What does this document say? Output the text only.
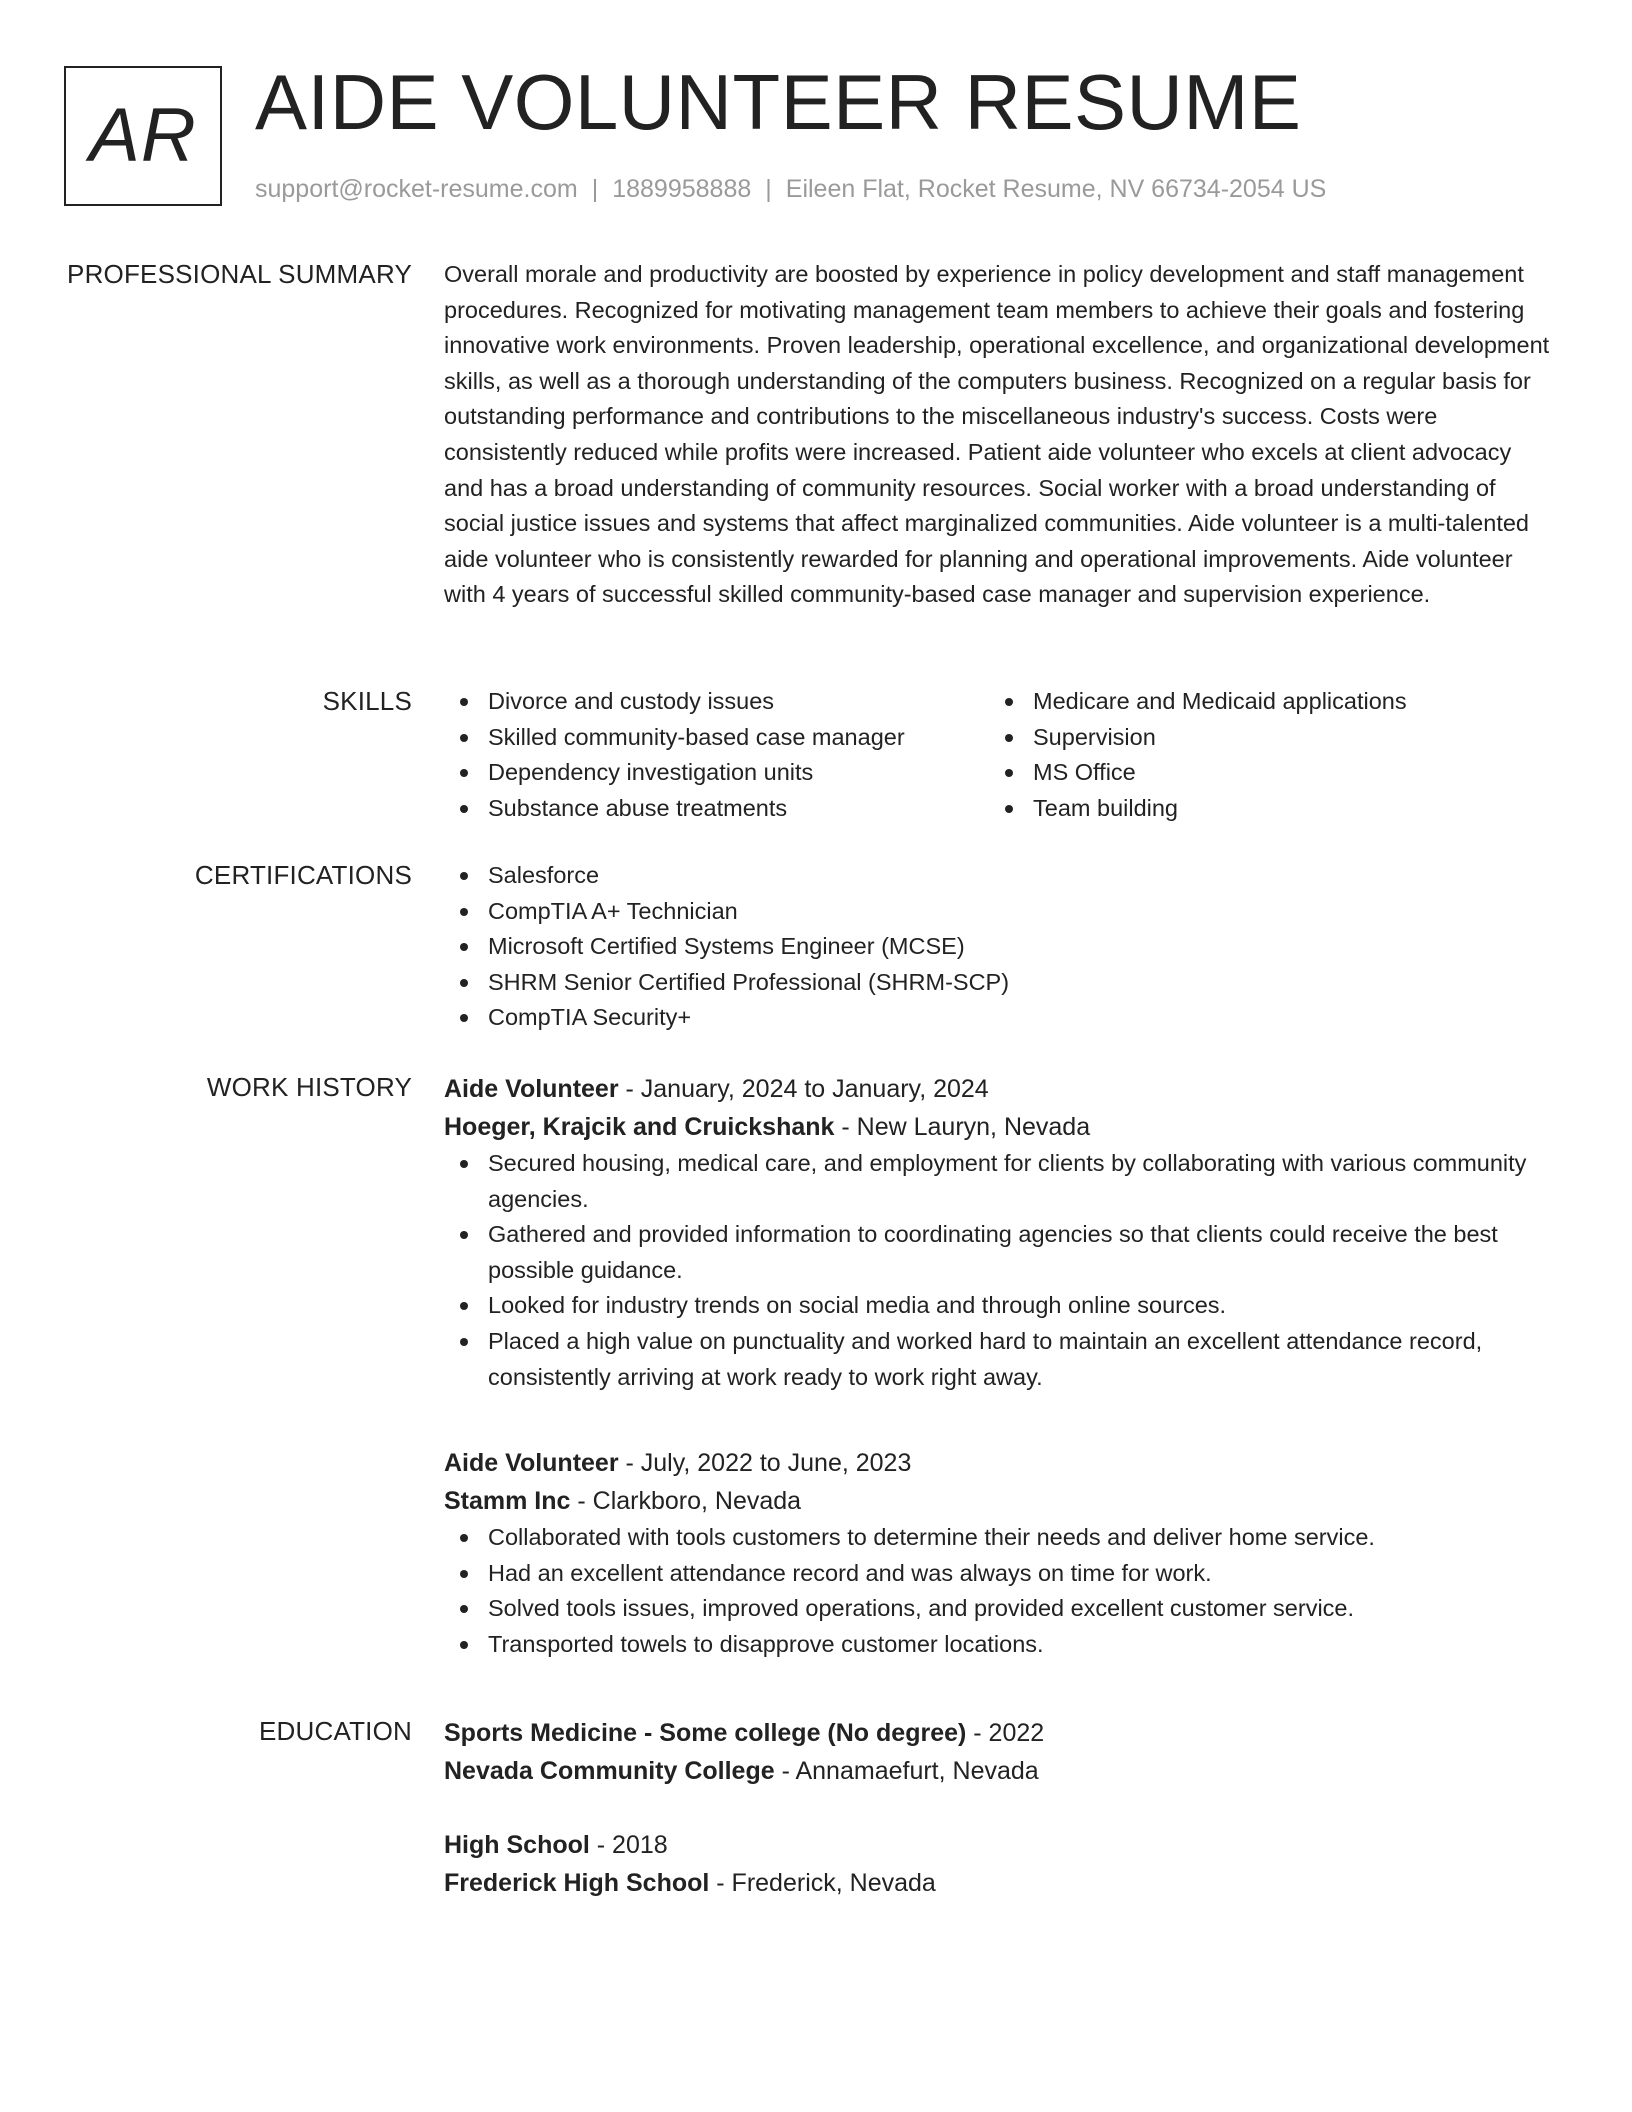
AR AIDE VOLUNTEER RESUME
support@rocket-resume.com | 1889958888 | Eileen Flat, Rocket Resume, NV 66734-2054 US
PROFESSIONAL SUMMARY Overall morale and productivity are boosted by experience in policy development and staff management procedures. Recognized for motivating management team members to achieve their goals and fostering innovative work environments. Proven leadership, operational excellence, and organizational development skills, as well as a thorough understanding of the computers business. Recognized on a regular basis for outstanding performance and contributions to the miscellaneous industry's success. Costs were consistently reduced while profits were increased. Patient aide volunteer who excels at client advocacy and has a broad understanding of community resources. Social worker with a broad understanding of social justice issues and systems that affect marginalized communities. Aide volunteer is a multi-talented aide volunteer who is consistently rewarded for planning and operational improvements. Aide volunteer with 4 years of successful skilled community-based case manager and supervision experience.

SKILLS	Divorce and custody issues
Skilled community-based case manager
Dependency investigation units
Substance abuse treatments
Medicare and Medicaid applications
Supervision
MS Office
Team building
CERTIFICATIONS	Salesforce
CompTIA A+ Technician
Microsoft Certified Systems Engineer (MCSE)
SHRM Senior Certified Professional (SHRM-SCP)
CompTIA Security+
WORK HISTORY Aide Volunteer - January, 2024 to January, 2024
Hoeger, Krajcik and Cruickshank - New Lauryn, Nevada
Secured housing, medical care, and employment for clients by collaborating with various community agencies.
Gathered and provided information to coordinating agencies so that clients could receive the best possible guidance.
Looked for industry trends on social media and through online sources.
Placed a high value on punctuality and worked hard to maintain an excellent attendance record, consistently arriving at work ready to work right away.
Aide Volunteer - July, 2022 to June, 2023
Stamm Inc - Clarkboro, Nevada
Collaborated with tools customers to determine their needs and deliver home service.
Had an excellent attendance record and was always on time for work.
Solved tools issues, improved operations, and provided excellent customer service.
Transported towels to disapprove customer locations.
EDUCATION Sports Medicine - Some college (No degree) - 2022
Nevada Community College - Annamaefurt, Nevada
High School - 2018
Frederick High School - Frederick, Nevada
